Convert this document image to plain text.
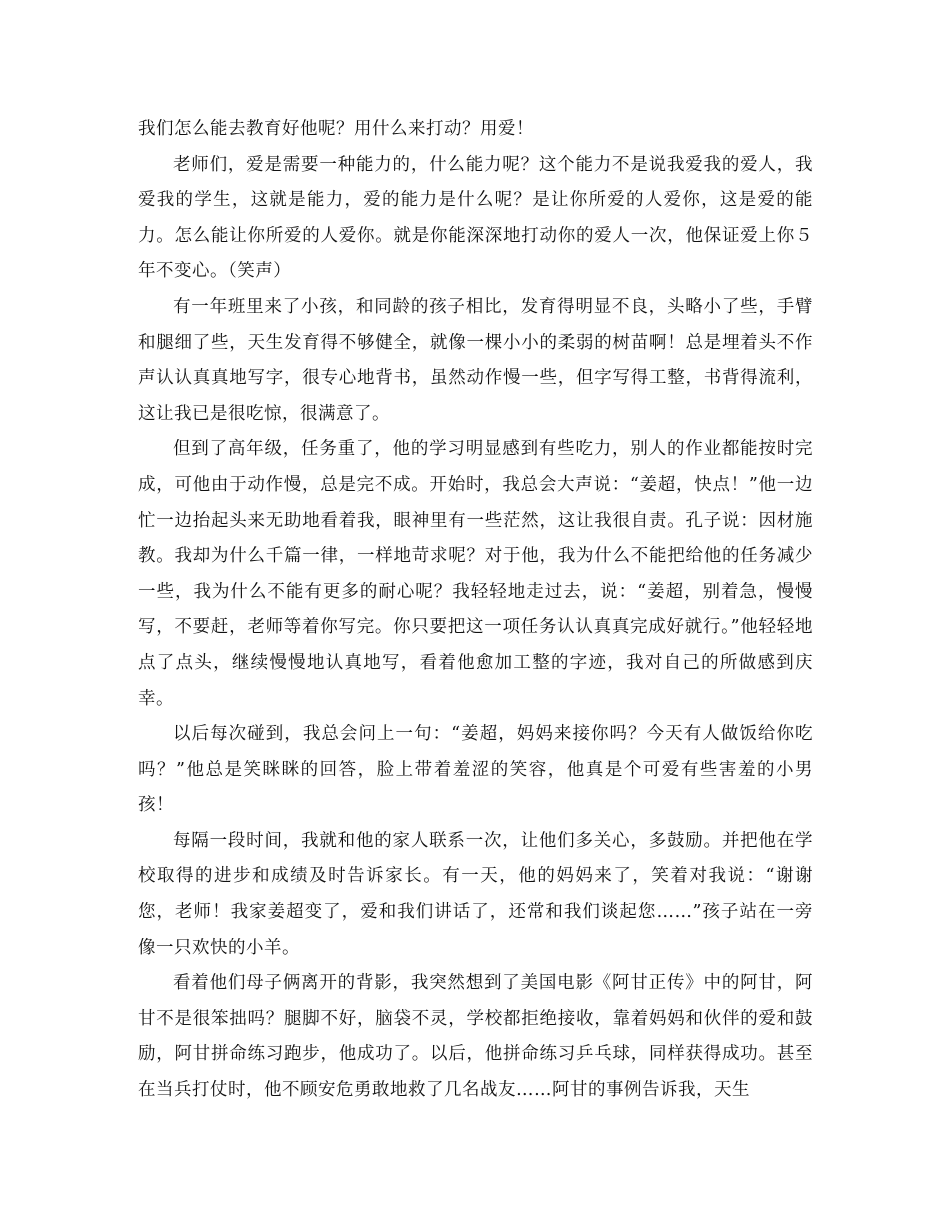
我们怎么能去教育好他呢？用什么来打动？用爱！

老师们，爱是需要一种能力的，什么能力呢？这个能力不是说我爱我的爱人，我爱我的学生，这就是能力，爱的能力是什么呢？是让你所爱的人爱你，这是爱的能力。怎么能让你所爱的人爱你。就是你能深深地打动你的爱人一次，他保证爱上你５年不变心。（笑声）

有一年班里来了小孩，和同龄的孩子相比，发育得明显不良，头略小了些，手臂和腿细了些，天生发育得不够健全，就像一棵小小的柔弱的树苗啊！总是埋着头不作声认认真真地写字，很专心地背书，虽然动作慢一些，但字写得工整，书背得流利，这让我已是很吃惊，很满意了。

但到了高年级，任务重了，他的学习明显感到有些吃力，别人的作业都能按时完成，可他由于动作慢，总是完不成。开始时，我总会大声说：“姜超，快点！”他一边忙一边抬起头来无助地看着我，眼神里有一些茫然，这让我很自责。孔子说：因材施教。我却为什么千篇一律，一样地苛求呢？对于他，我为什么不能把给他的任务减少一些，我为什么不能有更多的耐心呢？我轻轻地走过去，说：“姜超，别着急，慢慢写，不要赶，老师等着你写完。你只要把这一项任务认认真真完成好就行。”他轻轻地点了点头，继续慢慢地认真地写，看着他愈加工整的字迹，我对自己的所做感到庆幸。

以后每次碰到，我总会问上一句：“姜超，妈妈来接你吗？今天有人做饭给你吃吗？”他总是笑眯眯的回答，脸上带着羞涩的笑容，他真是个可爱有些害羞的小男孩！

每隔一段时间，我就和他的家人联系一次，让他们多关心，多鼓励。并把他在学校取得的进步和成绩及时告诉家长。有一天，他的妈妈来了，笑着对我说：“谢谢您，老师！我家姜超变了，爱和我们讲话了，还常和我们谈起您……”孩子站在一旁像一只欢快的小羊。

看着他们母子俩离开的背影，我突然想到了美国电影《阿甘正传》中的阿甘，阿甘不是很笨拙吗？腿脚不好，脑袋不灵，学校都拒绝接收，靠着妈妈和伙伴的爱和鼓励，阿甘拼命练习跑步，他成功了。以后，他拼命练习乒乓球，同样获得成功。甚至在当兵打仗时，他不顾安危勇敢地救了几名战友……阿甘的事例告诉我，天生
